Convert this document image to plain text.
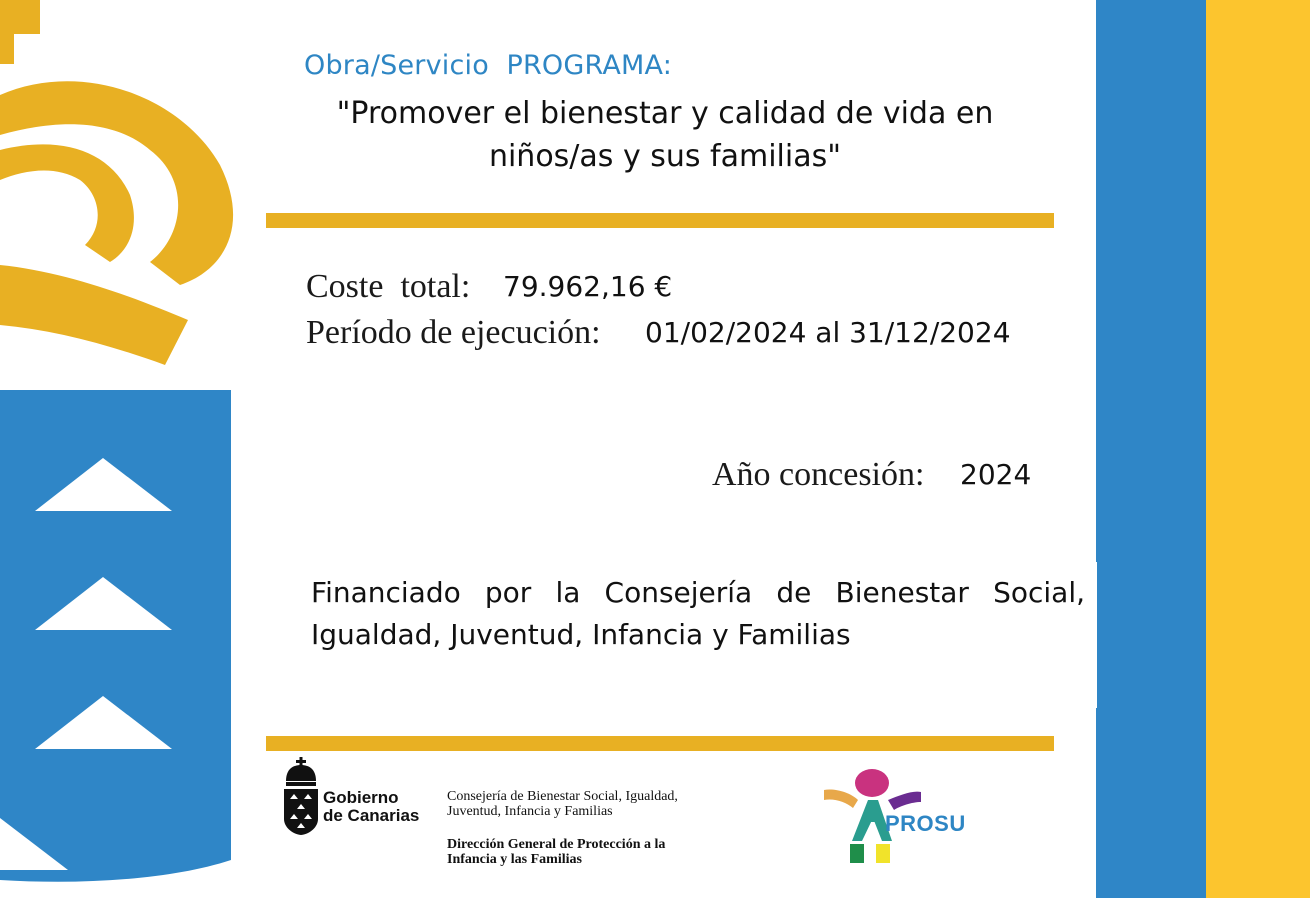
Obra/Servicio  PROGRAMA:
"Promover el bienestar y calidad de vida en niños/as y sus familias"
Coste  total: 79.962,16 €
Período de ejecución: 01/02/2024 al 31/12/2024
Año concesión: 2024
Financiado por la Consejería de Bienestar Social, Igualdad, Juventud, Infancia y Familias
Gobierno
de Canarias
Consejería de Bienestar Social, Igualdad, Juventud, Infancia y Familias
Dirección General de Protección a la Infancia y las Familias
PROSU
